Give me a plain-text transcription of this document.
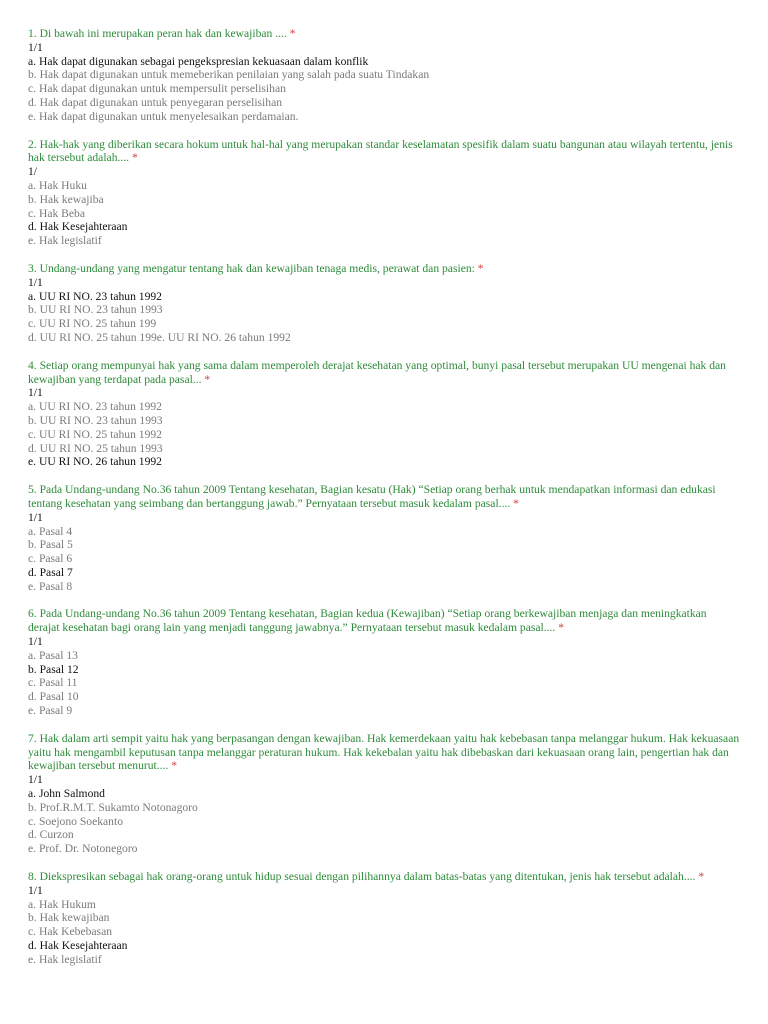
1. Di bawah ini merupakan peran hak dan kewajiban .... *
1/1
a. Hak dapat digunakan sebagai pengekspresian kekuasaan dalam konflik
b. Hak dapat digunakan untuk memeberikan penilaian yang salah pada suatu Tindakan
c. Hak dapat digunakan untuk mempersulit perselisihan
d. Hak dapat digunakan untuk penyegaran perselisihan
e. Hak dapat digunakan untuk menyelesaikan perdamaian.
2. Hak-hak yang diberikan secara hokum untuk hal-hal yang merupakan standar keselamatan spesifik dalam suatu bangunan atau wilayah tertentu, jenis hak tersebut adalah.... *
1/
a. Hak Huku
b. Hak kewajiba
c. Hak Beba
d. Hak Kesejahteraan
e. Hak legislatif
3. Undang-undang yang mengatur tentang hak dan kewajiban tenaga medis, perawat dan pasien: *
1/1
a. UU RI NO. 23 tahun 1992
b. UU RI NO. 23 tahun 1993
c. UU RI NO. 25 tahun 199
d. UU RI NO. 25 tahun 199e. UU RI NO. 26 tahun 1992
4. Setiap orang mempunyai hak yang sama dalam memperoleh derajat kesehatan yang optimal, bunyi pasal tersebut merupakan UU mengenai hak dan kewajiban yang terdapat pada pasal... *
1/1
a. UU RI NO. 23 tahun 1992
b. UU RI NO. 23 tahun 1993
c. UU RI NO. 25 tahun 1992
d. UU RI NO. 25 tahun 1993
e. UU RI NO. 26 tahun 1992
5. Pada Undang-undang No.36 tahun 2009 Tentang kesehatan, Bagian kesatu (Hak) “Setiap orang berhak untuk mendapatkan informasi dan edukasi tentang kesehatan yang seimbang dan bertanggung jawab.” Pernyataan tersebut masuk kedalam pasal.... *
1/1
a. Pasal 4
b. Pasal 5
c. Pasal 6
d. Pasal 7
e. Pasal 8
6. Pada Undang-undang No.36 tahun 2009 Tentang kesehatan, Bagian kedua (Kewajiban) “Setiap orang berkewajiban menjaga dan meningkatkan derajat kesehatan bagi orang lain yang menjadi tanggung jawabnya.” Pernyataan tersebut masuk kedalam pasal.... *
1/1
a. Pasal 13
b. Pasal 12
c. Pasal 11
d. Pasal 10
e. Pasal 9
7. Hak dalam arti sempit yaitu hak yang berpasangan dengan kewajiban. Hak kemerdekaan yaitu hak kebebasan tanpa melanggar hukum. Hak kekuasaan yaitu hak mengambil keputusan tanpa melanggar peraturan hukum. Hak kekebalan yaitu hak dibebaskan dari kekuasaan orang lain, pengertian hak dan kewajiban tersebut menurut.... *
1/1
a. John Salmond
b. Prof.R.M.T. Sukamto Notonagoro
c. Soejono Soekanto
d. Curzon
e. Prof. Dr. Notonegoro
8. Diekspresikan sebagai hak orang-orang untuk hidup sesuai dengan pilihannya dalam batas-batas yang ditentukan, jenis hak tersebut adalah.... *
1/1
a. Hak Hukum
b. Hak kewajiban
c. Hak Kebebasan
d. Hak Kesejahteraan
e. Hak legislatif
